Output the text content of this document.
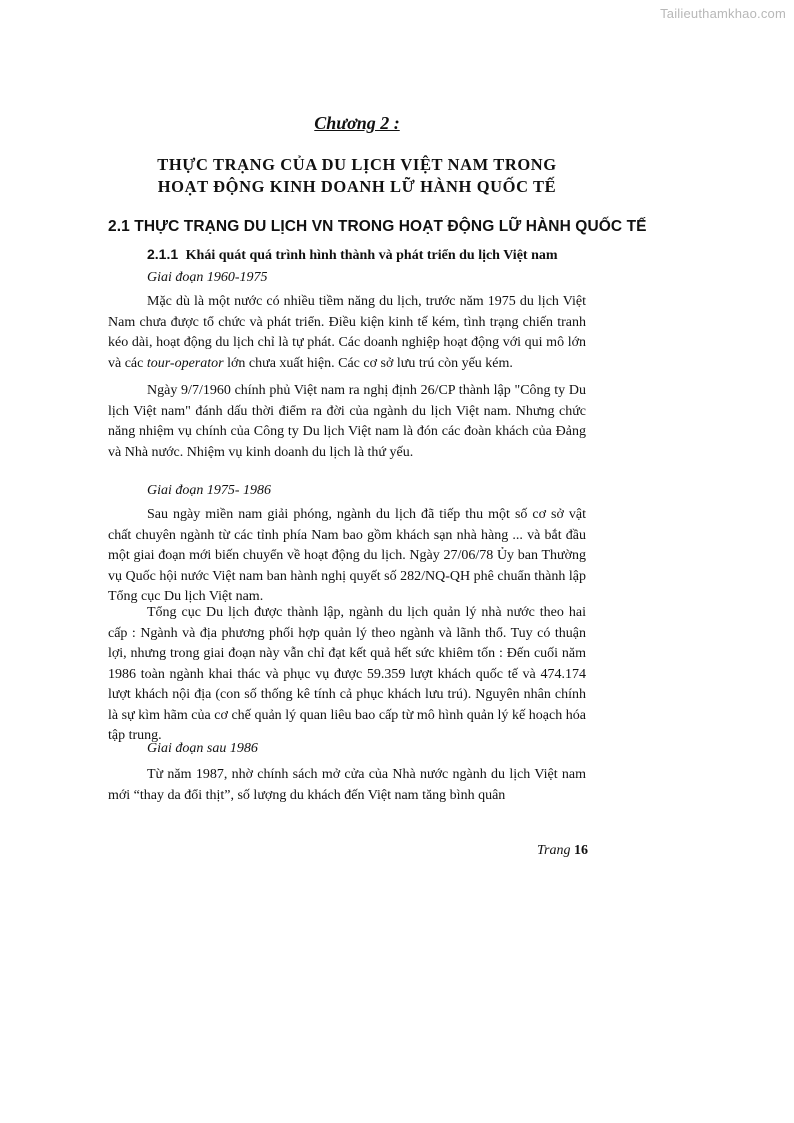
Tailieuthamkhao.com
Chương 2 :
THỰC TRẠNG CỦA DU LỊCH VIỆT NAM TRONG
HOẠT ĐỘNG KINH DOANH LỮ HÀNH QUỐC TẾ
2.1 THỰC TRẠNG DU LỊCH VN TRONG HOẠT ĐỘNG LỮ HÀNH QUỐC TẾ
2.1.1 Khái quát quá trình hình thành và phát triển du lịch Việt nam
Giai đoạn 1960-1975
Mặc dù là một nước có nhiều tiềm năng du lịch, trước năm 1975 du lịch Việt Nam chưa được tổ chức và phát triển. Điều kiện kinh tế kém, tình trạng chiến tranh kéo dài, hoạt động du lịch chỉ là tự phát. Các doanh nghiệp hoạt động với qui mô lớn và các tour-operator lớn chưa xuất hiện. Các cơ sở lưu trú còn yếu kém.
Ngày 9/7/1960 chính phủ Việt nam ra nghị định 26/CP thành lập "Công ty Du lịch Việt nam" đánh dấu thời điểm ra đời của ngành du lịch Việt nam. Nhưng chức năng nhiệm vụ chính của Công ty Du lịch Việt nam là đón các đoàn khách của Đảng và Nhà nước. Nhiệm vụ kinh doanh du lịch là thứ yếu.
Giai đoạn 1975- 1986
Sau ngày miền nam giải phóng, ngành du lịch đã tiếp thu một số cơ sở vật chất chuyên ngành từ các tỉnh phía Nam bao gồm khách sạn nhà hàng ... và bắt đầu một giai đoạn mới biến chuyển về hoạt động du lịch. Ngày 27/06/78 Ủy ban Thường vụ Quốc hội nước Việt nam ban hành nghị quyết số 282/NQ-QH phê chuẩn thành lập Tổng cục Du lịch Việt nam.
Tổng cục Du lịch được thành lập, ngành du lịch quản lý nhà nước theo hai cấp : Ngành và địa phương phối hợp quản lý theo ngành và lãnh thổ. Tuy có thuận lợi, nhưng trong giai đoạn này vẫn chỉ đạt kết quả hết sức khiêm tốn : Đến cuối năm 1986 toàn ngành khai thác và phục vụ được 59.359 lượt khách quốc tế và 474.174 lượt khách nội địa (con số thống kê tính cả phục khách lưu trú). Nguyên nhân chính là sự kìm hãm của cơ chế quản lý quan liêu bao cấp từ mô hình quản lý kế hoạch hóa tập trung.
Giai đoạn sau 1986
Từ năm 1987, nhờ chính sách mở cửa của Nhà nước ngành du lịch Việt nam mới “thay da đổi thịt”, số lượng du khách đến Việt nam tăng bình quân
Trang 16
